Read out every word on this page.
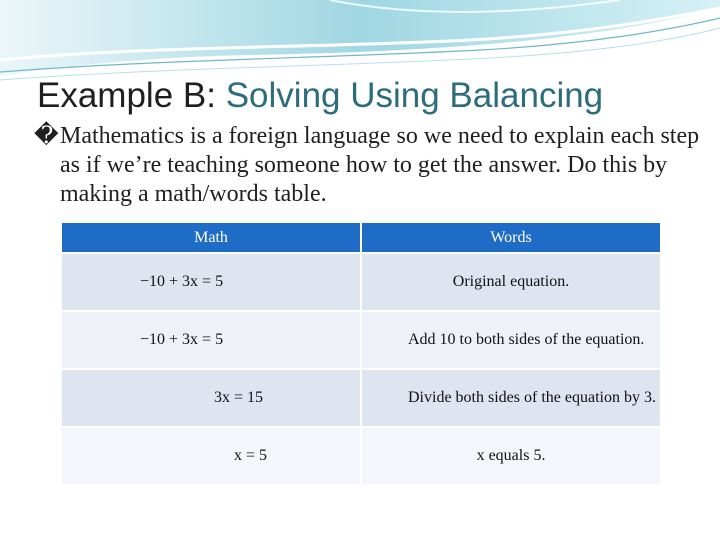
Example B: Solving Using Balancing

� Mathematics is a foreign language so we need to explain each step as if we’re teaching someone how to get the answer. Do this by making a math/words table.

Math	Words
−10 + 3x = 5	Original equation.
−10 + 3x = 5	Add 10 to both sides of the equation.
3x = 15	Divide both sides of the equation by 3.
x = 5	x equals 5.
